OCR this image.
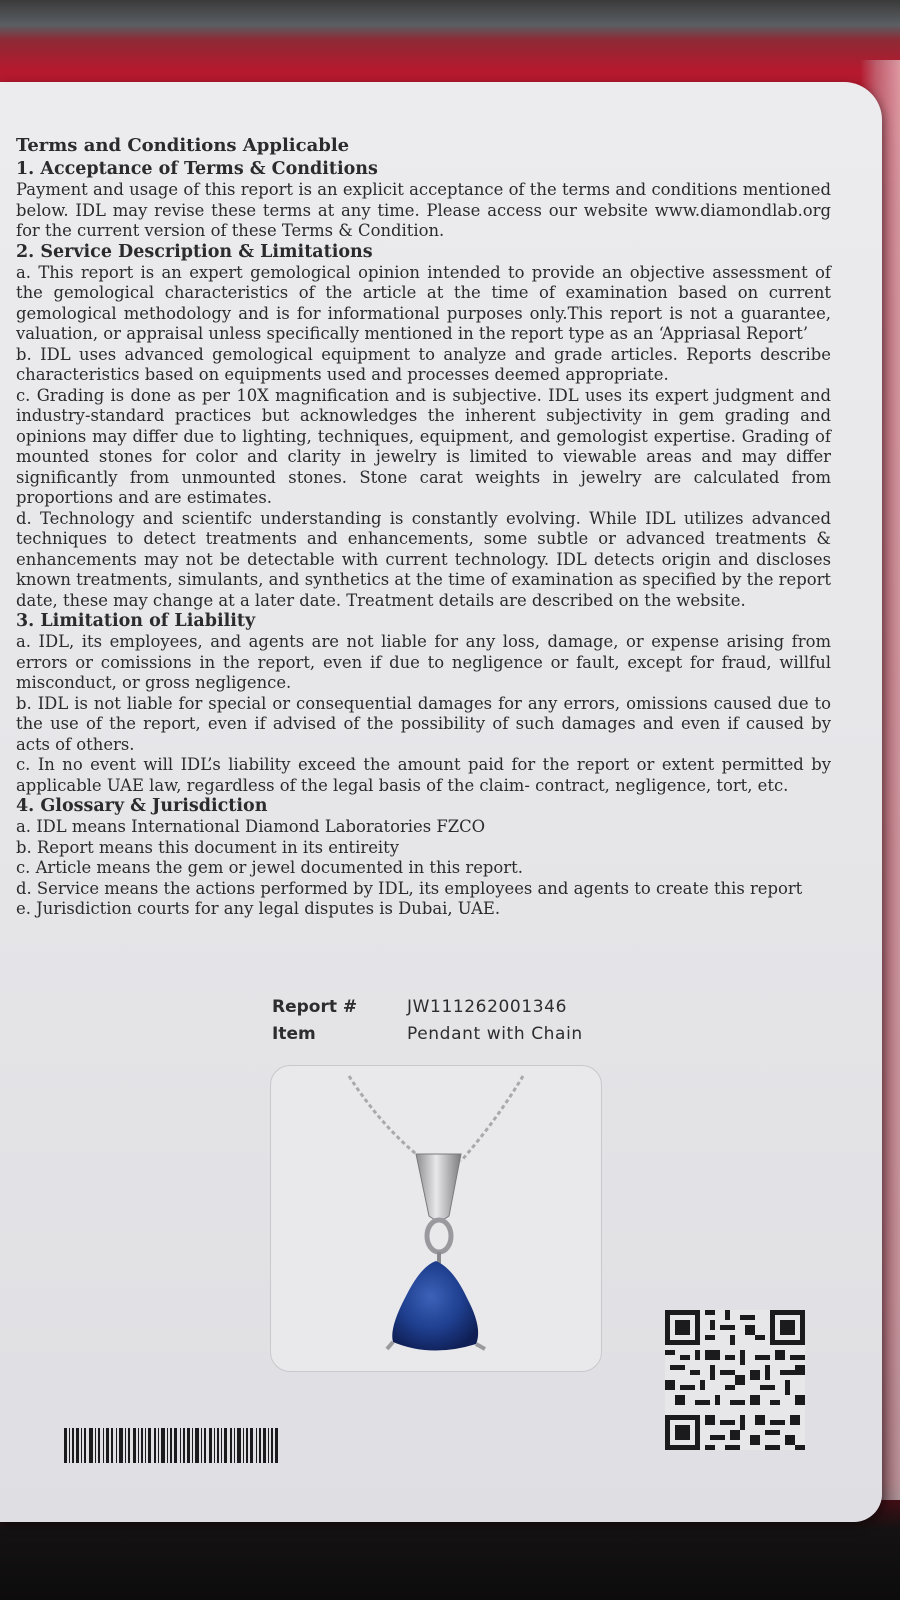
Terms and Conditions Applicable

1. Acceptance of Terms & Conditions

Payment and usage of this report is an explicit acceptance of the terms and conditions mentioned below. IDL may revise these terms at any time. Please access our website www.diamondlab.org for the current version of these Terms & Condition.

2. Service Description & Limitations

a. This report is an expert gemological opinion intended to provide an objective assessment of the gemological characteristics of the article at the time of examination based on current gemological methodology and is for informational purposes only.This report is not a guarantee, valuation, or appraisal unless specifically mentioned in the report type as an ‘Appriasal Report’

b. IDL uses advanced gemological equipment to analyze and grade articles. Reports describe characteristics based on equipments used and processes deemed appropriate.

c. Grading is done as per 10X magnification and is subjective. IDL uses its expert judgment and industry-standard practices but acknowledges the inherent subjectivity in gem grading and opinions may differ due to lighting, techniques, equipment, and gemologist expertise. Grading of mounted stones for color and clarity in jewelry is limited to viewable areas and may differ significantly from unmounted stones. Stone carat weights in jewelry are calculated from proportions and are estimates.

d. Technology and scientifc understanding is constantly evolving. While IDL utilizes advanced techniques to detect treatments and enhancements, some subtle or advanced treatments & enhancements may not be detectable with current technology. IDL detects origin and discloses known treatments, simulants, and synthetics at the time of examination as specified by the report date, these may change at a later date. Treatment details are described on the website.

3. Limitation of Liability

a. IDL, its employees, and agents are not liable for any loss, damage, or expense arising from errors or comissions in the report, even if due to negligence or fault, except for fraud, willful misconduct, or gross negligence.

b. IDL is not liable for special or consequential damages for any errors, omissions caused due to the use of the report, even if advised of the possibility of such damages and even if caused by acts of others.

c. In no event will IDL’s liability exceed the amount paid for the report or extent permitted by applicable UAE law, regardless of the legal basis of the claim- contract, negligence, tort, etc.

4. Glossary & Jurisdiction

a. IDL means International Diamond Laboratories FZCO

b. Report means this document in its entireity

c. Article means the gem or jewel documented in this report.

d. Service means the actions performed by IDL, its employees and agents to create this report

e. Jurisdiction courts for any legal disputes is Dubai, UAE.

Report #	JW111262001346
Item	Pendant with Chain
